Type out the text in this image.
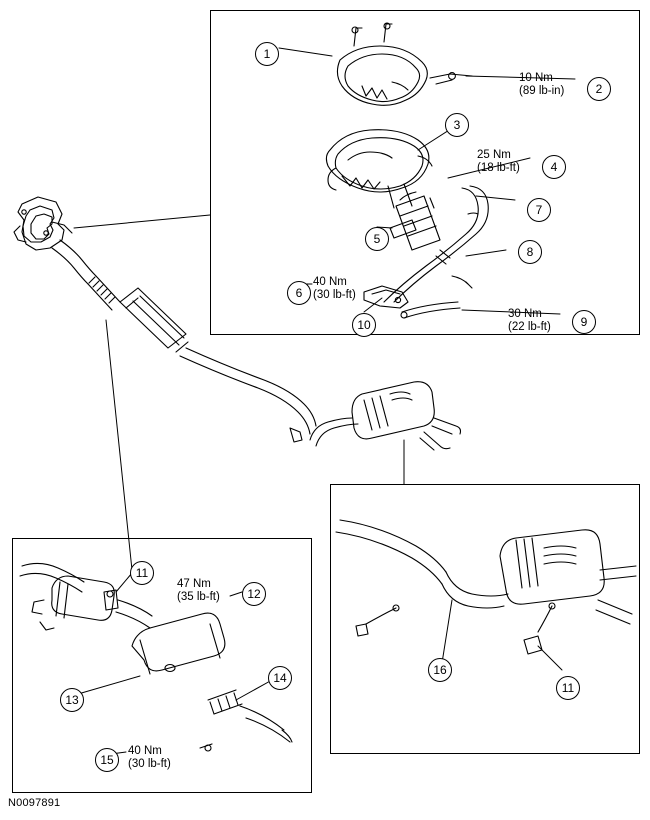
10 Nm
(89 lb-in)
25 Nm
(18 lb-ft)
40 Nm
(30 lb-ft)
30 Nm
(22 lb-ft)
47 Nm
(35 lb-ft)
40 Nm
(30 lb-ft)
1
2
3
4
5
6
7
8
9
10
11
12
13
14
15
16
11
N0097891
